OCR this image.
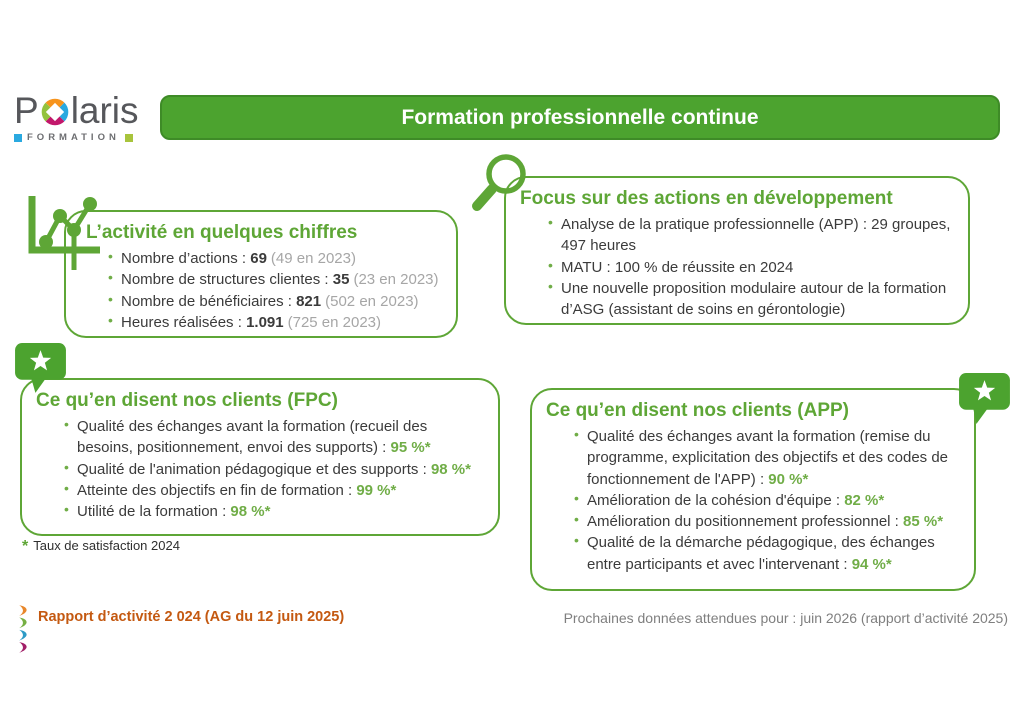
P laris
FORMATION
Formation professionnelle continue
L’activité en quelques chiffres
• Nombre d’actions : 69 (49 en 2023)
• Nombre de structures clientes : 35 (23 en 2023)
• Nombre de bénéficiaires : 821 (502 en 2023)
• Heures réalisées : 1.091 (725 en 2023)
Focus sur des actions en développement
• Analyse de la pratique professionnelle (APP) : 29 groupes, 497 heures
• MATU : 100 % de réussite en 2024
• Une nouvelle proposition modulaire autour de la formation d’ASG (assistant de soins en gérontologie)
Ce qu’en disent nos clients (FPC)
• Qualité des échanges avant la formation (recueil des besoins, positionnement, envoi des supports) : 95 %*
• Qualité de l'animation pédagogique et des supports : 98 %*
• Atteinte des objectifs en fin de formation : 99 %*
• Utilité de la formation : 98 %*
Ce qu’en disent nos clients (APP)
• Qualité des échanges avant la formation (remise du programme, explicitation des objectifs et des codes de fonctionnement de l'APP) : 90 %*
• Amélioration de la cohésion d'équipe : 82 %*
• Amélioration du positionnement professionnel : 85 %*
• Qualité de la démarche pédagogique, des échanges entre participants et avec l'intervenant : 94 %*
* Taux de satisfaction 2024
Rapport d’activité 2 024 (AG du 12 juin 2025)	Prochaines données attendues pour : juin 2026 (rapport d’activité 2025)
